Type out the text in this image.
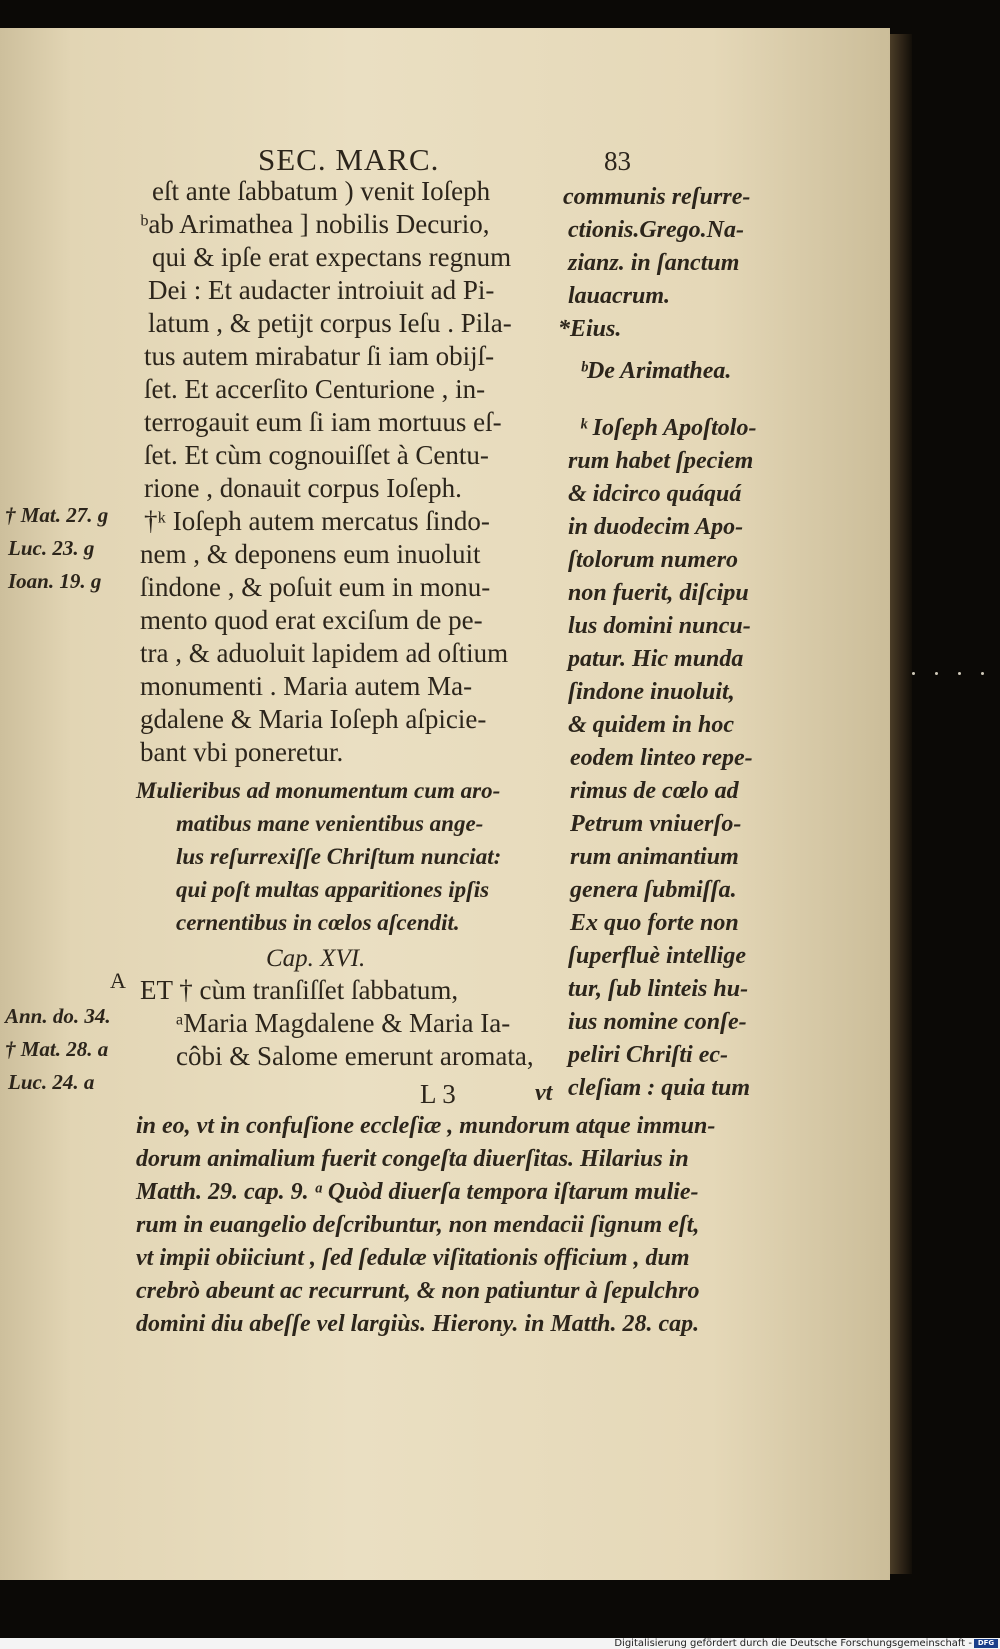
SEC. MARC.	83
eſt ante ſabbatum ) venit Ioſeph
ᵇab Arimathea ] nobilis Decurio,
qui & ipſe erat expectans regnum
Dei : Et audacter introiuit ad Pi-
latum , & petijt corpus Ieſu . Pila-
tus autem mirabatur ſi iam obijſ-
ſet. Et accerſito Centurione , in-
terrogauit eum ſi iam mortuus eſ-
ſet. Et cùm cognouiſſet à Centu-
rione , donauit corpus Ioſeph.
†ᵏ Ioſeph autem mercatus ſindo-
nem , & deponens eum inuoluit
ſindone , & poſuit eum in monu-
mento quod erat exciſum de pe-
tra , & aduoluit lapidem ad oſtium
monumenti . Maria autem Ma-
gdalene & Maria Ioſeph aſpicie-
bant vbi poneretur.
communis reſurre-
ctionis.Grego.Na-
zianz. in ſanctum
lauacrum.
*Eius.
ᵇDe Arimathea.
ᵏ Ioſeph Apoſtolo-
rum habet ſpeciem
& idcirco quáquá
in duodecim Apo-
ſtolorum numero
non fuerit, diſcipu
lus domini nuncu-
patur. Hic munda
ſindone inuoluit,
& quidem in hoc
eodem linteo repe-
rimus de cœlo ad
Petrum vniuerſo-
rum animantium
genera ſubmiſſa.
Ex quo forte non
ſuperfluè intellige
tur, ſub linteis hu-
ius nomine conſe-
peliri Chriſti ec-
cleſiam : quia tum
Mulieribus ad monumentum cum aro-
matibus mane venientibus ange-
lus reſurrexiſſe Chriſtum nunciat:
qui poſt multas apparitiones ipſis
cernentibus in cœlos aſcendit.
Cap. XVI.
ET † cùm tranſiſſet ſabbatum,
ᵃMaria Magdalene & Maria Ia-
côbi & Salome emerunt aromata,
L 3	vt
† Mat. 27. g
Luc. 23. g
Ioan. 19. g
A
Ann. do. 34.
† Mat. 28. a
Luc. 24. a
in eo, vt in confuſione eccleſiæ , mundorum atque immun-
dorum animalium fuerit congeſta diuerſitas. Hilarius in
Matth. 29. cap. 9. ᵃ Quòd diuerſa tempora iſtarum mulie-
rum in euangelio deſcribuntur, non mendacii ſignum eſt,
vt impii obiiciunt , ſed ſedulæ viſitationis officium , dum
crebrò abeunt ac recurrunt, & non patiuntur à ſepulchro
domini diu abeſſe vel largiùs. Hierony. in Matth. 28. cap.
Digitalisierung gefördert durch die Deutsche Forschungsgemeinschaft - DFG
